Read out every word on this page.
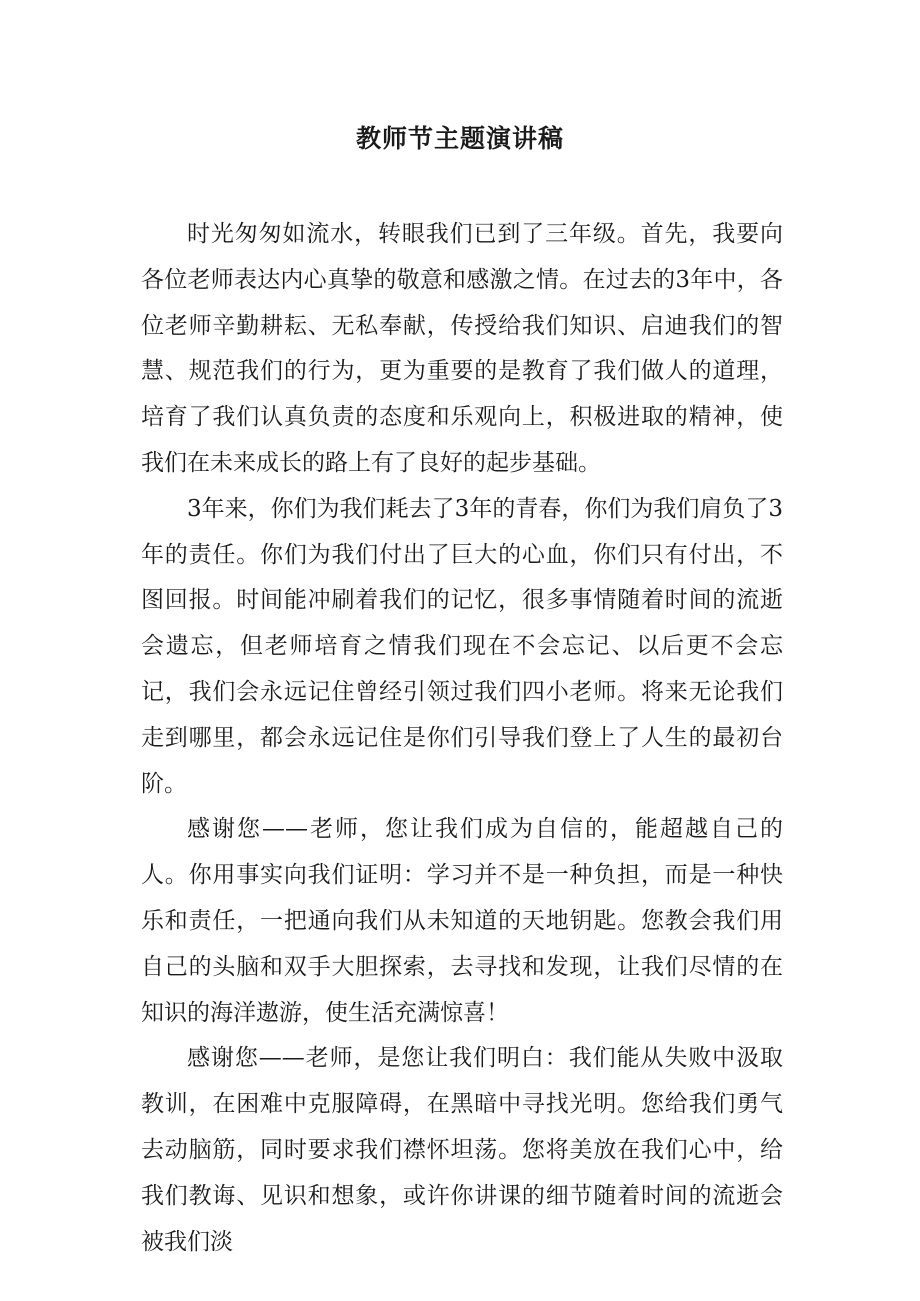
教师节主题演讲稿

时光匆匆如流水，转眼我们已到了三年级。首先，我要向各位老师表达内心真挚的敬意和感激之情。在过去的3年中，各位老师辛勤耕耘、无私奉献，传授给我们知识、启迪我们的智慧、规范我们的行为，更为重要的是教育了我们做人的道理，培育了我们认真负责的态度和乐观向上，积极进取的精神，使我们在未来成长的路上有了良好的起步基础。

3年来，你们为我们耗去了3年的青春，你们为我们肩负了3年的责任。你们为我们付出了巨大的心血，你们只有付出，不图回报。时间能冲刷着我们的记忆，很多事情随着时间的流逝会遗忘，但老师培育之情我们现在不会忘记、以后更不会忘记，我们会永远记住曾经引领过我们四小老师。将来无论我们走到哪里，都会永远记住是你们引导我们登上了人生的最初台阶。

感谢您——老师，您让我们成为自信的，能超越自己的人。你用事实向我们证明：学习并不是一种负担，而是一种快乐和责任，一把通向我们从未知道的天地钥匙。您教会我们用自己的头脑和双手大胆探索，去寻找和发现，让我们尽情的在知识的海洋遨游，使生活充满惊喜！

感谢您——老师，是您让我们明白：我们能从失败中汲取教训，在困难中克服障碍，在黑暗中寻找光明。您给我们勇气去动脑筋，同时要求我们襟怀坦荡。您将美放在我们心中，给我们教诲、见识和想象，或许你讲课的细节随着时间的流逝会被我们淡
